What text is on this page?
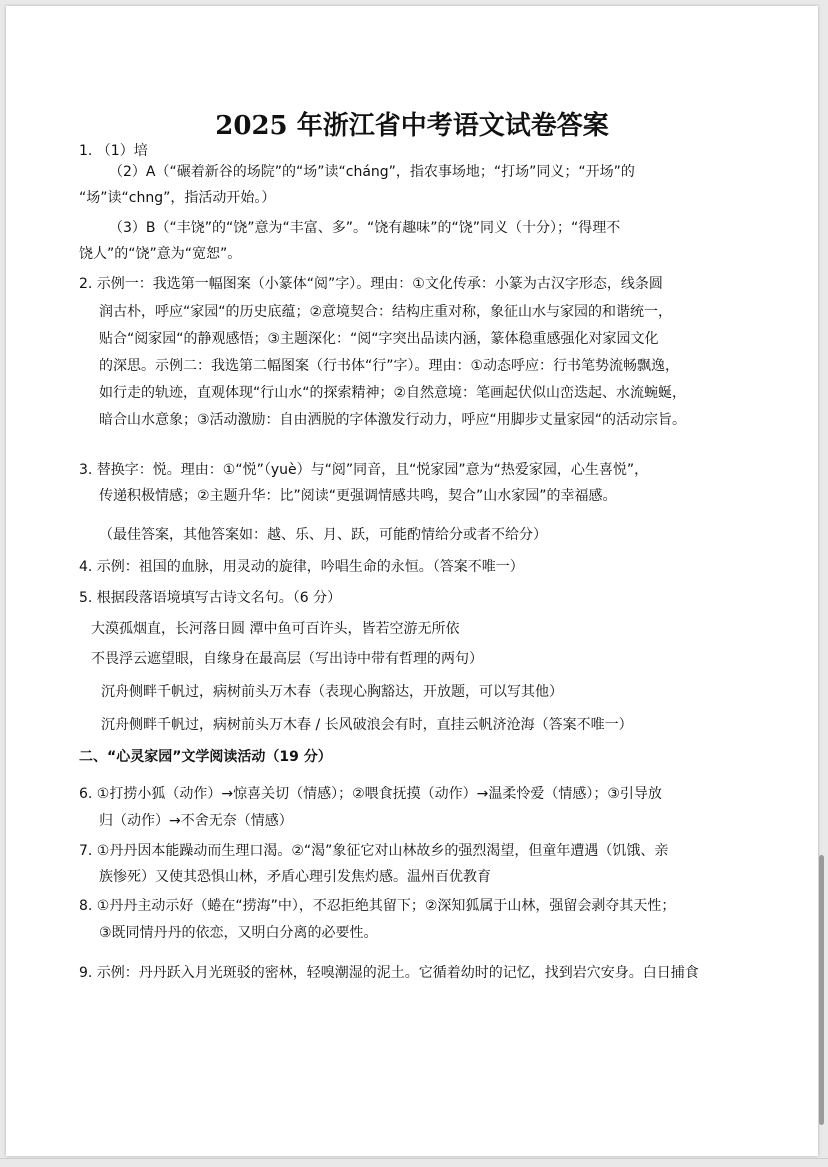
2025 年浙江省中考语文试卷答案
1. （1）培
（2）A（“碾着新谷的场院”的“场”读“cháng”，指农事场地；“打场”同义；“开场”的
“场”读“chng”，指活动开始。）
（3）B（“丰饶”的“饶”意为“丰富、多”。“饶有趣味”的“饶”同义（十分）；“得理不
饶人”的“饶”意为“宽恕”。
2. 示例一：我选第一幅图案（小篆体“阅”字）。理由：①文化传承：小篆为古汉字形态，线条圆
润古朴，呼应“家园“的历史底蕴；②意境契合：结构庄重对称，象征山水与家园的和谐统一，
贴合“阅家园“的静观感悟；③主题深化：“阅“字突出品读内涵，篆体稳重感强化对家园文化
的深思。示例二：我选第二幅图案（行书体“行”字）。理由：①动态呼应：行书笔势流畅飘逸，
如行走的轨迹，直观体现“行山水“的探索精神；②自然意境：笔画起伏似山峦迭起、水流蜿蜒，
暗合山水意象；③活动激励：自由洒脱的字体激发行动力，呼应“用脚步丈量家园“的活动宗旨。
3. 替换字：悦。理由：①“悦”（yuè）与“阅”同音，且“悦家园”意为“热爱家园，心生喜悦”，
传递积极情感；②主题升华：比”阅读“更强调情感共鸣，契合”山水家园”的幸福感。
（最佳答案，其他答案如：越、乐、月、跃，可能酌情给分或者不给分）
4. 示例：祖国的血脉，用灵动的旋律，吟唱生命的永恒。（答案不唯一）
5. 根据段落语境填写古诗文名句。（6 分）
大漠孤烟直，长河落日圆 潭中鱼可百许头，皆若空游无所依
不畏浮云遮望眼，自缘身在最高层（写出诗中带有哲理的两句）
沉舟侧畔千帆过，病树前头万木春（表现心胸豁达，开放题，可以写其他）
沉舟侧畔千帆过，病树前头万木春 / 长风破浪会有时，直挂云帆济沧海（答案不唯一）
二、“心灵家园”文学阅读活动（19 分）
6. ①打捞小狐（动作）→惊喜关切（情感）；②喂食抚摸（动作）→温柔怜爱（情感）；③引导放
归（动作）→不舍无奈（情感）
7. ①丹丹因本能躁动而生理口渴。②“渴”象征它对山林故乡的强烈渴望，但童年遭遇（饥饿、亲
族惨死）又使其恐惧山林，矛盾心理引发焦灼感。温州百优教育
8. ①丹丹主动示好（蜷在“捞海”中），不忍拒绝其留下；②深知狐属于山林，强留会剥夺其天性；
③既同情丹丹的依恋，又明白分离的必要性。
9. 示例：丹丹跃入月光斑驳的密林，轻嗅潮湿的泥土。它循着幼时的记忆，找到岩穴安身。白日捕食
